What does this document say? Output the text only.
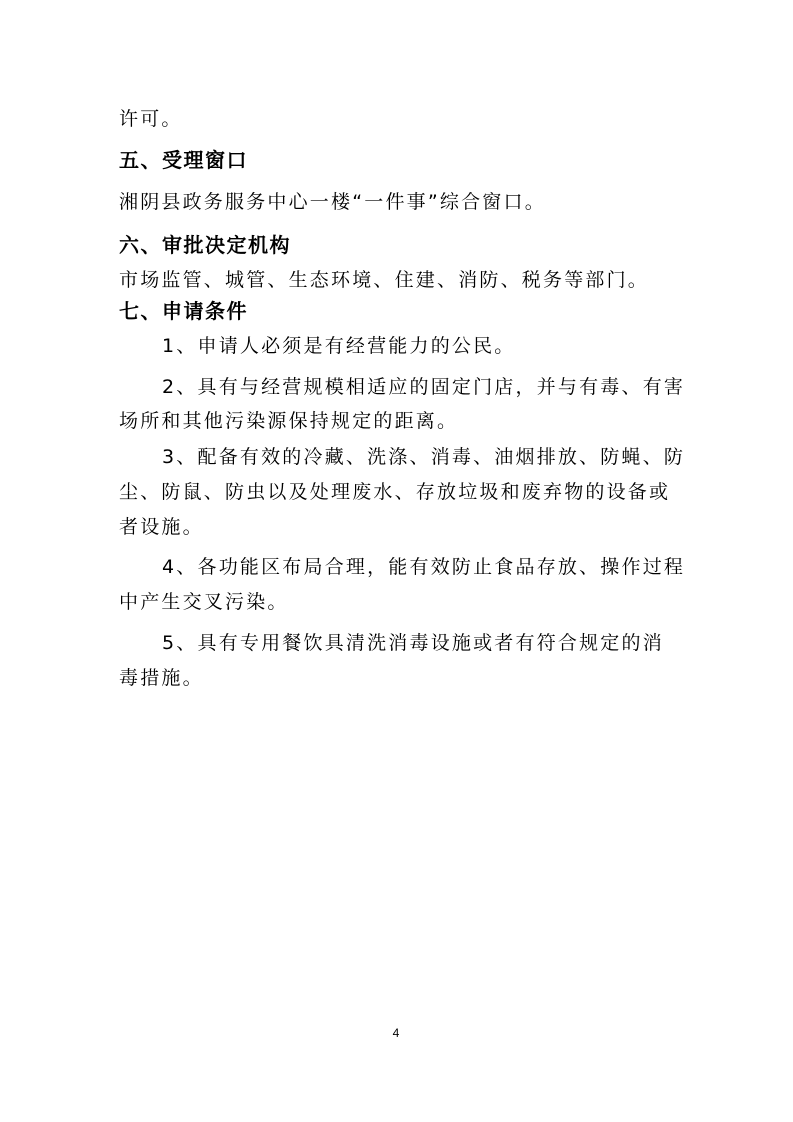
许可。
五、受理窗口
湘阴县政务服务中心一楼“一件事”综合窗口。
六、审批决定机构
市场监管、城管、生态环境、住建、消防、税务等部门。
七、申请条件
1、申请人必须是有经营能力的公民。
2、具有与经营规模相适应的固定门店，并与有毒、有害
场所和其他污染源保持规定的距离。
3、配备有效的冷藏、洗涤、消毒、油烟排放、防蝇、防
尘、防鼠、防虫以及处理废水、存放垃圾和废弃物的设备或
者设施。
4、各功能区布局合理，能有效防止食品存放、操作过程
中产生交叉污染。
5、具有专用餐饮具清洗消毒设施或者有符合规定的消
毒措施。
4
